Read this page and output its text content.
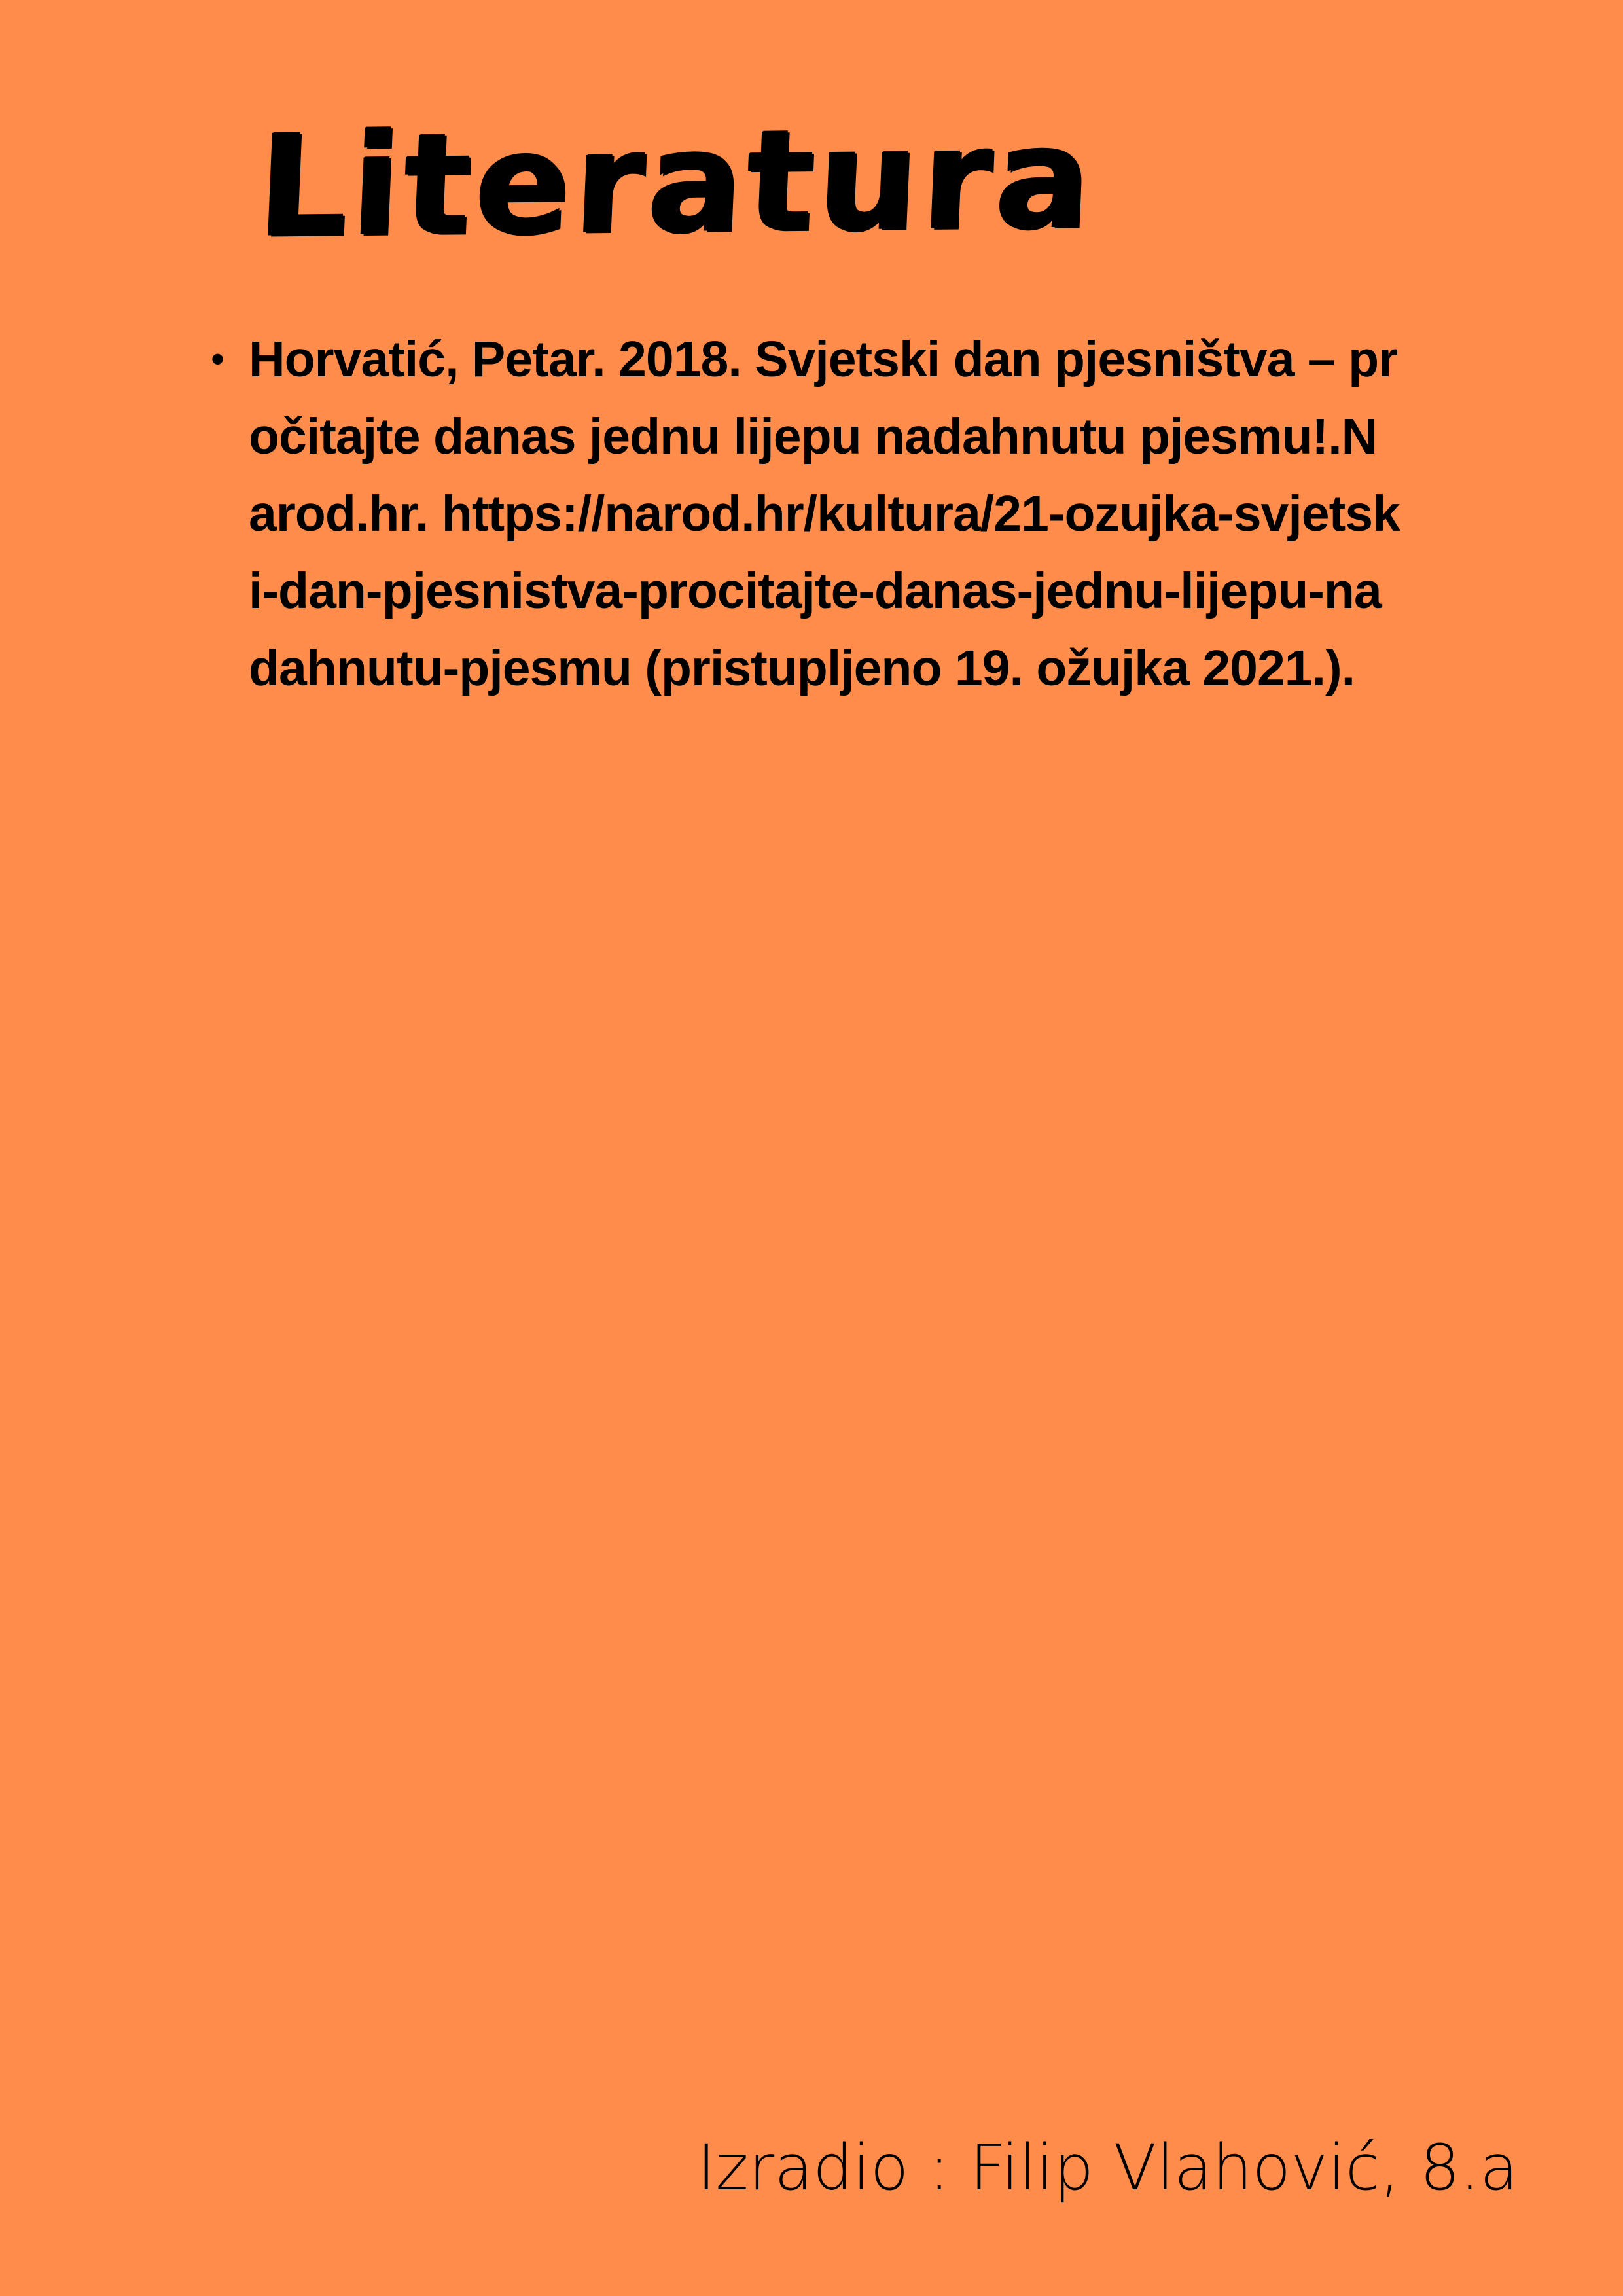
Literatura
• Horvatić, Petar. 2018. Svjetski dan pjesništva – pročitajte danas jednu lijepu nadahnutu pjesmu!.Narod.hr. https://narod.hr/kultura/21-ozujka-svjetski-dan-pjesnistva-procitajte-danas-jednu-lijepu-nadahnutu-pjesmu (pristupljeno 19. ožujka 2021.).

Izradio : Filip Vlahović, 8.a
